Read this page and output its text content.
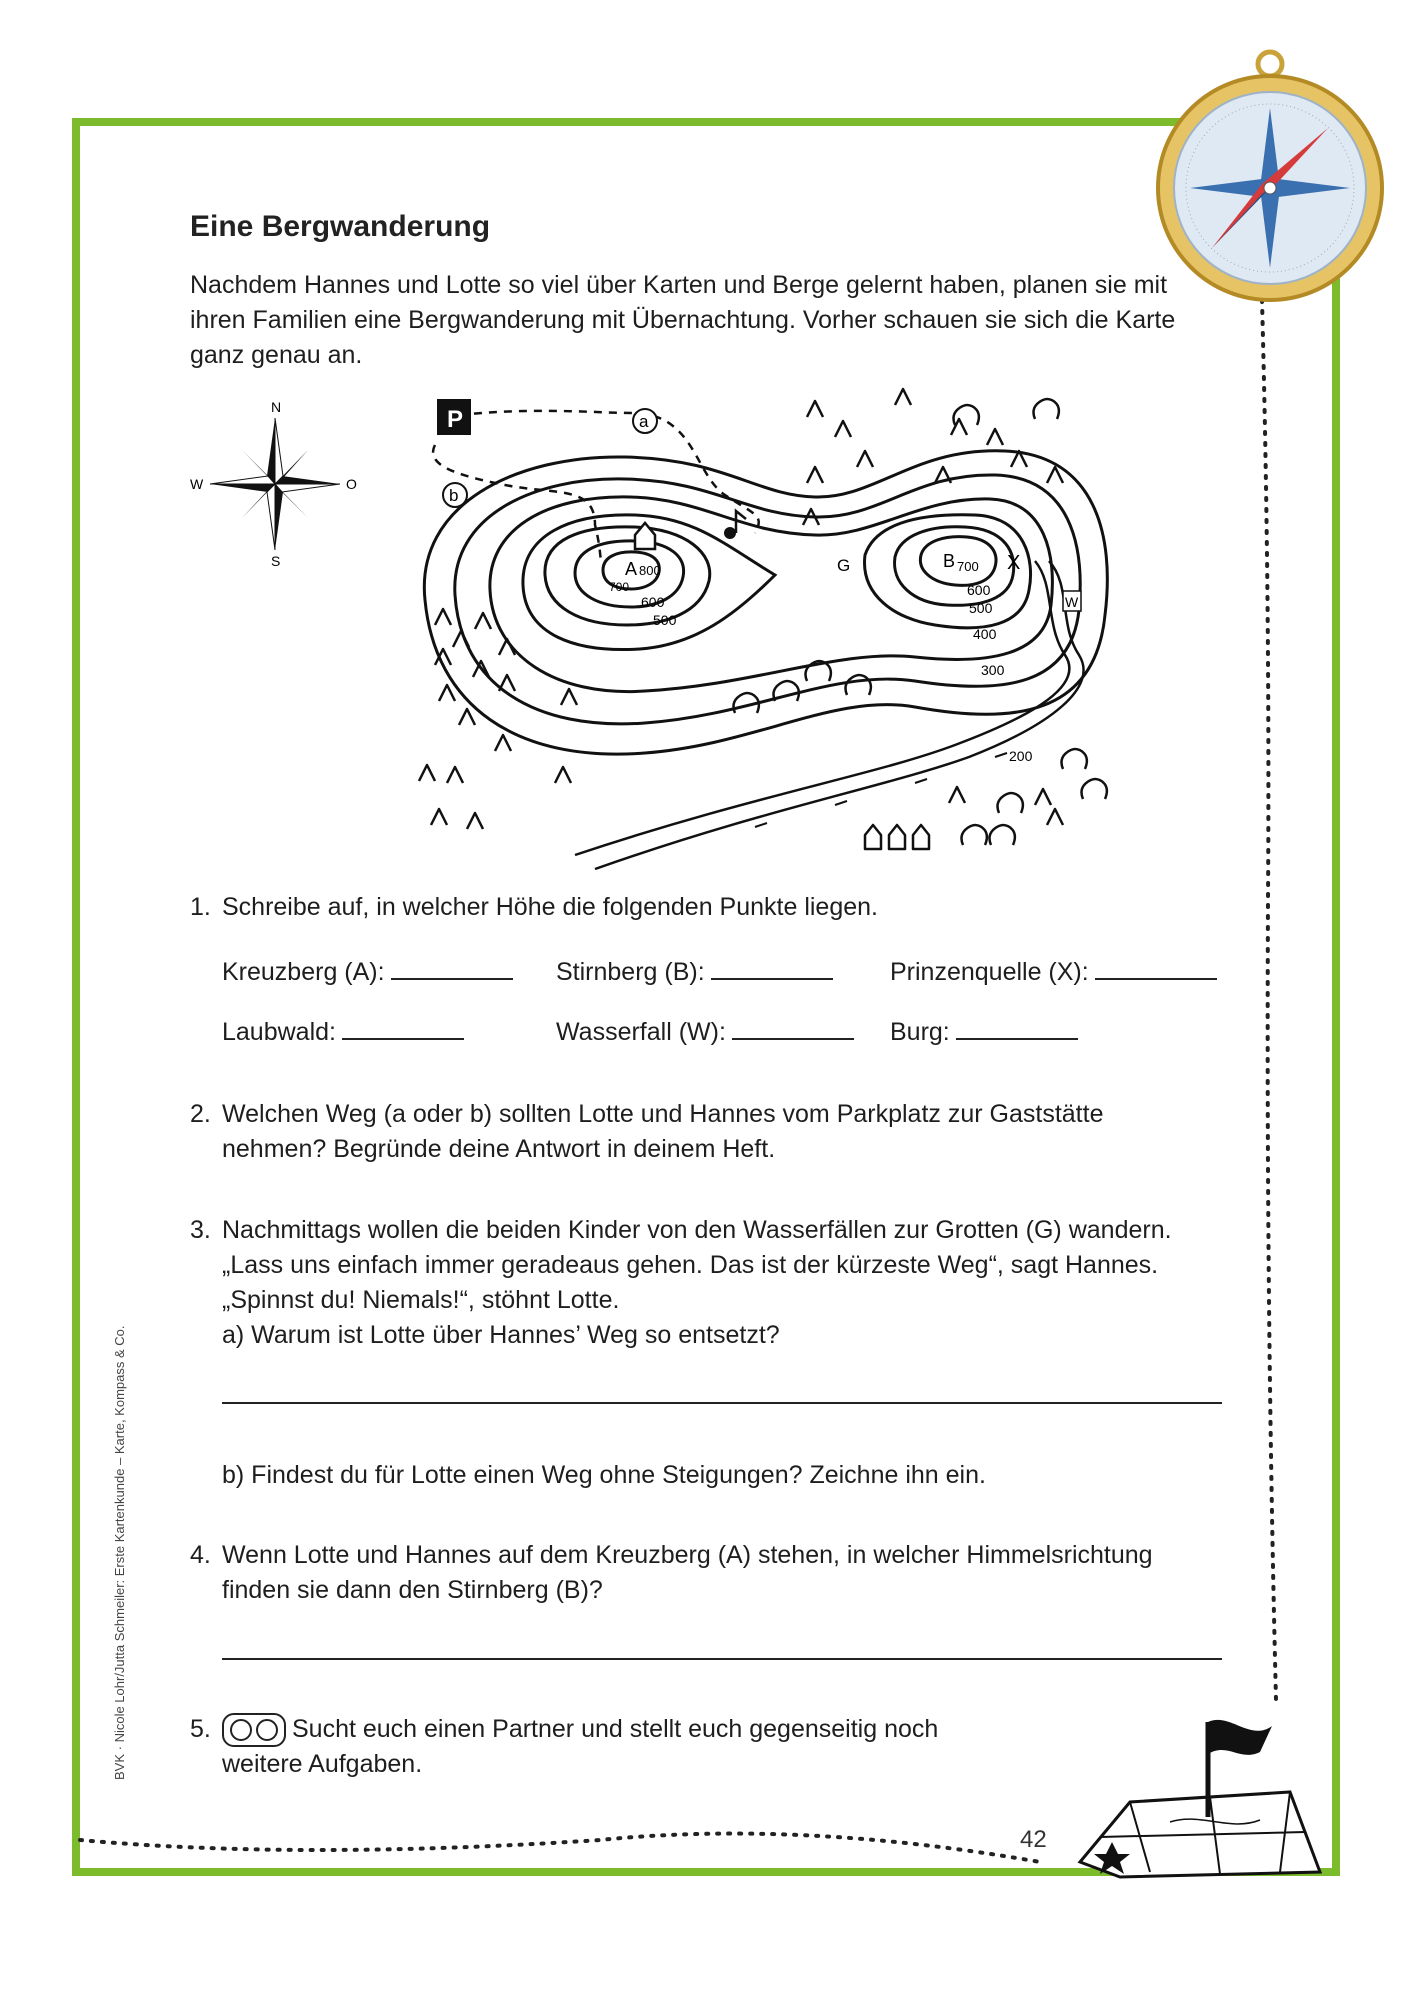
Eine Bergwanderung
Nachdem Hannes und Lotte so viel über Karten und Berge gelernt haben, planen sie mit ihren Familien eine Bergwanderung mit Übernachtung. Vorher schauen sie sich die Karte ganz genau an.
N
W	O
S
P	a
b
A 800	B 700
G	X
W
700
600
500
600
500
400
300
200
1. Schreibe auf, in welcher Höhe die folgenden Punkte liegen.
Kreuzberg (A):	Stirnberg (B):	Prinzenquelle (X):
Laubwald:	Wasserfall (W):	Burg:
2. Welchen Weg (a oder b) sollten Lotte und Hannes vom Parkplatz zur Gaststätte
nehmen? Begründe deine Antwort in deinem Heft.
3. Nachmittags wollen die beiden Kinder von den Wasserfällen zur Grotten (G) wandern.
„Lass uns einfach immer geradeaus gehen. Das ist der kürzeste Weg“, sagt Hannes.
„Spinnst du! Niemals!“, stöhnt Lotte.
a) Warum ist Lotte über Hannes’ Weg so entsetzt?
b) Findest du für Lotte einen Weg ohne Steigungen? Zeichne ihn ein.
4. Wenn Lotte und Hannes auf dem Kreuzberg (A) stehen, in welcher Himmelsrichtung
finden sie dann den Stirnberg (B)?
5.	Sucht euch einen Partner und stellt euch gegenseitig noch
weitere Aufgaben.
BVK · Nicole Lohr/Jutta Schmeiler: Erste Kartenkunde – Karte, Kompass & Co.
42
